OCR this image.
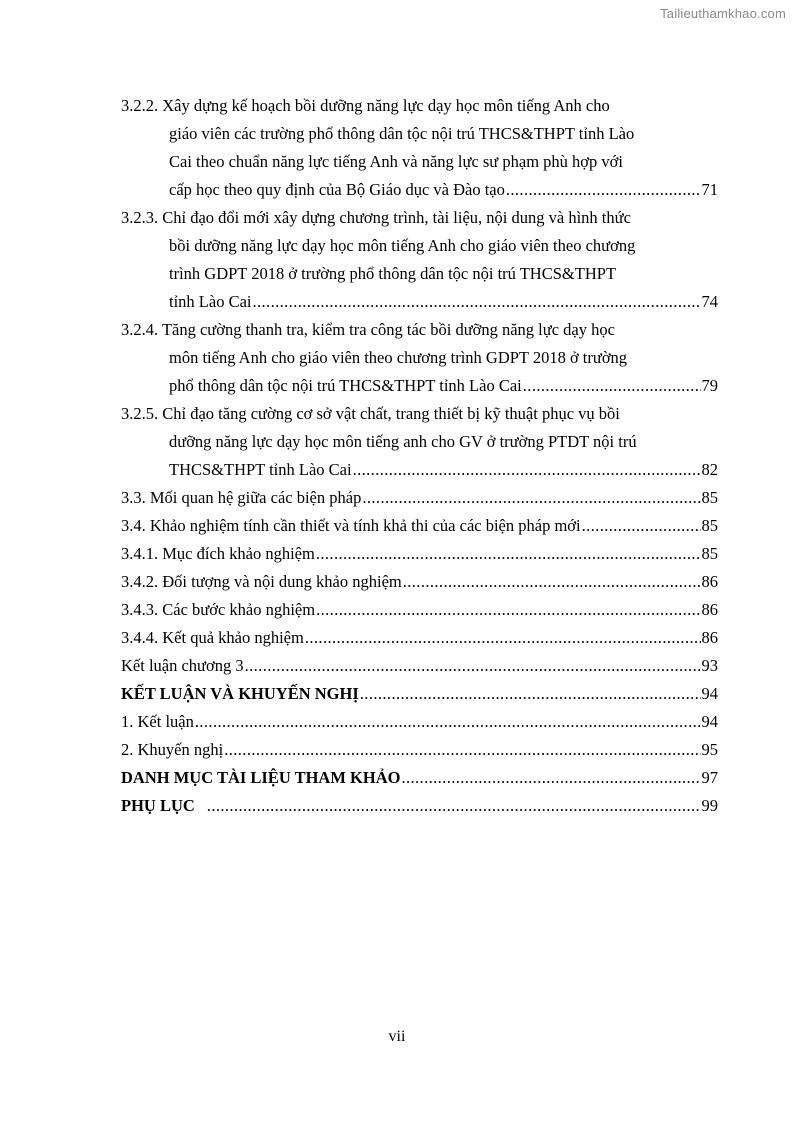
Tailieuthamkhao.com
3.2.2. Xây dựng kế hoạch bồi dưỡng năng lực dạy học môn tiếng Anh cho
giáo viên các trường phổ thông dân tộc nội trú THCS&THPT tỉnh Lào
Cai theo chuẩn năng lực tiếng Anh và năng lực sư phạm phù hợp với
cấp học theo quy định của Bộ Giáo dục và Đào tạo .....	71
3.2.3. Chỉ đạo đổi mới xây dựng chương trình, tài liệu, nội dung và hình thức
bồi dưỡng năng lực dạy học môn tiếng Anh cho giáo viên theo chương
trình GDPT 2018 ở trường phổ thông dân tộc nội trú THCS&THPT
tỉnh Lào Cai .....	74
3.2.4. Tăng cường thanh tra, kiểm tra công tác bồi dưỡng năng lực dạy học
môn tiếng Anh cho giáo viên theo chương trình GDPT 2018 ở trường
phổ thông dân tộc nội trú THCS&THPT tỉnh Lào Cai .....	79
3.2.5. Chỉ đạo tăng cường cơ sở vật chất, trang thiết bị kỹ thuật phục vụ bồi
dưỡng năng lực dạy học môn tiếng anh cho GV ở trường PTDT nội trú
THCS&THPT tỉnh Lào Cai .....	82
3.3. Mối quan hệ giữa các biện pháp .....	85
3.4. Khảo nghiệm tính cần thiết và tính khả thi của các biện pháp mới .....	85
3.4.1. Mục đích khảo nghiệm .....	85
3.4.2. Đối tượng và nội dung khảo nghiệm .....	86
3.4.3. Các bước khảo nghiệm .....	86
3.4.4. Kết quả khảo nghiệm .....	86
Kết luận chương 3 .....	93
KẾT LUẬN VÀ KHUYẾN NGHỊ .....	94
1. Kết luận .....	94
2. Khuyến nghị .....	95
DANH MỤC TÀI LIỆU THAM KHẢO .....	97
PHỤ LỤC .....	99
vii
